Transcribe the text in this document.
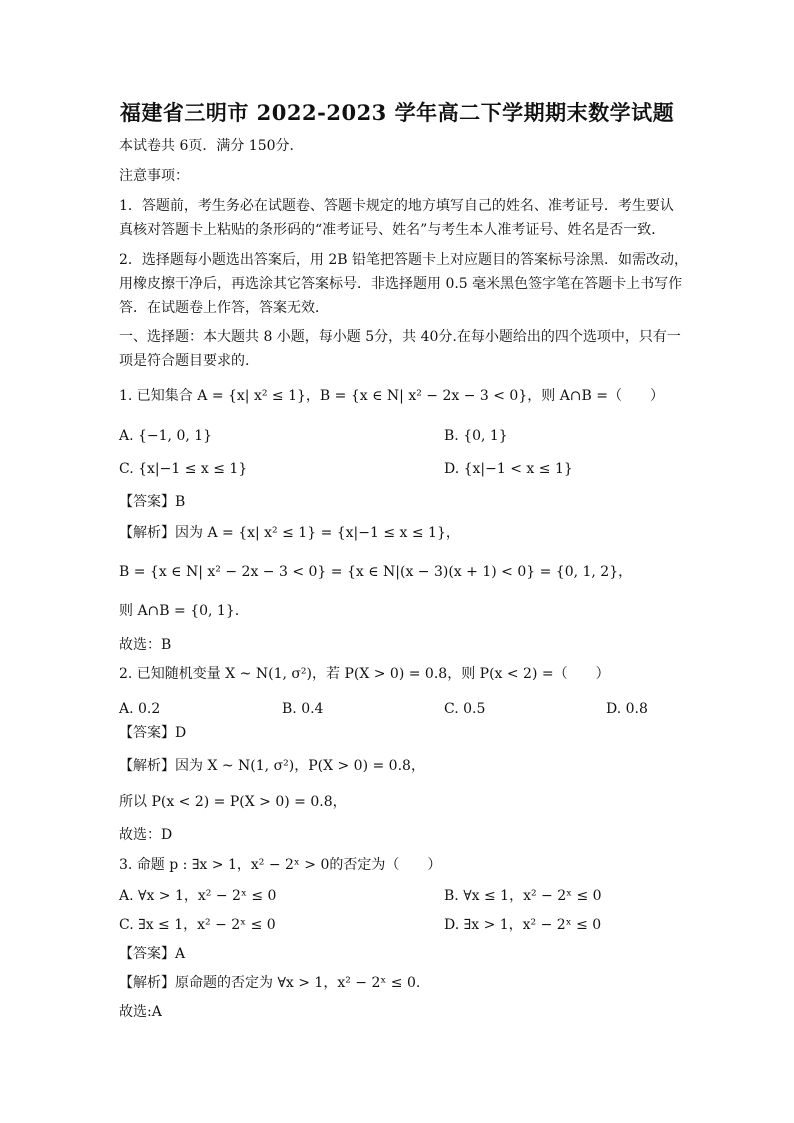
福建省三明市 2022-2023 学年高二下学期期末数学试题
本试卷共 6页．满分 150分．
注意事项：
1．答题前，考生务必在试题卷、答题卡规定的地方填写自己的姓名、准考证号．考生要认
真核对答题卡上粘贴的条形码的“准考证号、姓名”与考生本人准考证号、姓名是否一致．
2．选择题每小题选出答案后，用 2B 铅笔把答题卡上对应题目的答案标号涂黑．如需改动，
用橡皮擦干净后，再选涂其它答案标号．非选择题用 0.5 毫米黑色签字笔在答题卡上书写作
答．在试题卷上作答，答案无效．
一、选择题：本大题共 8 小题，每小题 5分，共 40分.在每小题给出的四个选项中，只有一
项是符合题目要求的.
1. 已知集合 A = {x| x² ≤ 1}，B = {x ∈ N| x² − 2x − 3 < 0}，则 A∩B =（　　）
A. {−1, 0, 1}	B. {0, 1}
C. {x|−1 ≤ x ≤ 1}	D. {x|−1 < x ≤ 1}
【答案】B
【解析】因为 A = {x| x² ≤ 1} = {x|−1 ≤ x ≤ 1}，
B = {x ∈ N| x² − 2x − 3 < 0} = {x ∈ N|(x − 3)(x + 1) < 0} = {0, 1, 2}，
则 A∩B = {0, 1}.
故选：B
2. 已知随机变量 X ~ N(1, σ²)，若 P(X > 0) = 0.8，则 P(x < 2) =（　　）
A. 0.2	B. 0.4	C. 0.5	D. 0.8
【答案】D
【解析】因为 X ~ N(1, σ²)，P(X > 0) = 0.8，
所以 P(x < 2) = P(X > 0) = 0.8，
故选：D
3. 命题 p : ∃x > 1，x² − 2ˣ > 0的否定为（　　）
A. ∀x > 1，x² − 2ˣ ≤ 0	B. ∀x ≤ 1，x² − 2ˣ ≤ 0
C. ∃x ≤ 1，x² − 2ˣ ≤ 0	D. ∃x > 1，x² − 2ˣ ≤ 0
【答案】A
【解析】原命题的否定为 ∀x > 1，x² − 2ˣ ≤ 0.
故选:A
